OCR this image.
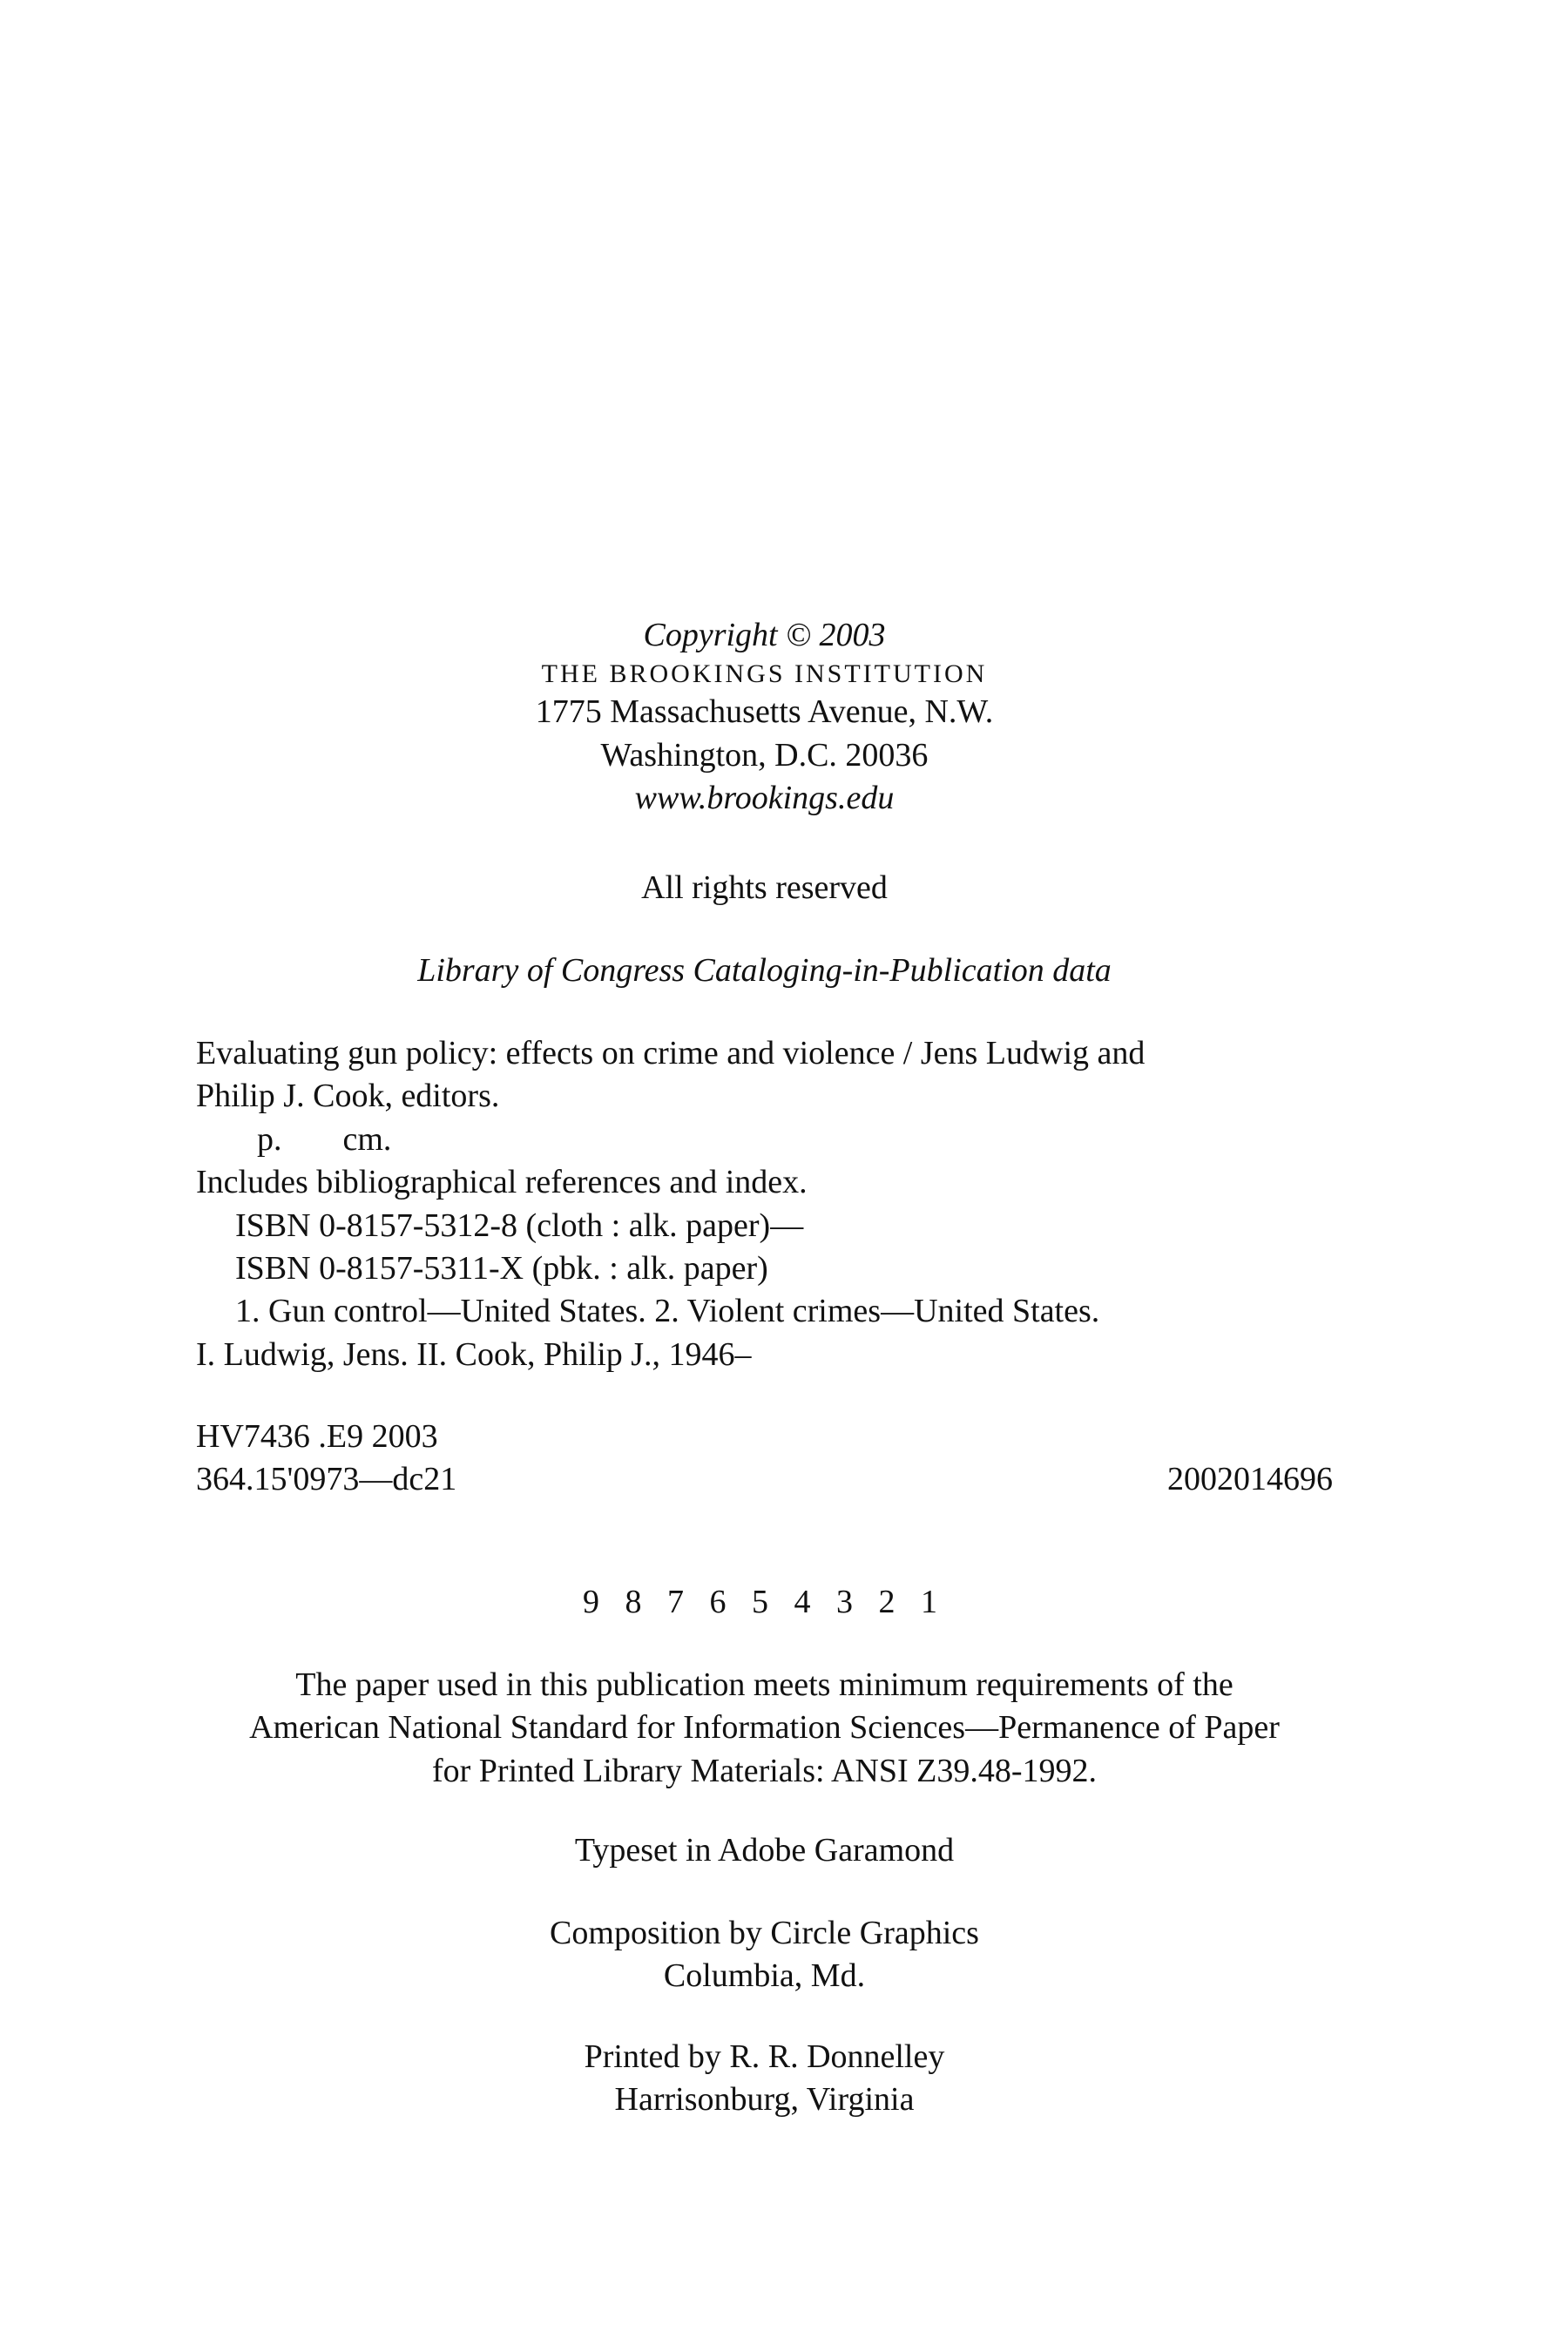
Copyright © 2003
THE BROOKINGS INSTITUTION
1775 Massachusetts Avenue, N.W.
Washington, D.C. 20036
www.brookings.edu
All rights reserved
Library of Congress Cataloging-in-Publication data
Evaluating gun policy: effects on crime and violence / Jens Ludwig and
Philip J. Cook, editors.
p. cm.
Includes bibliographical references and index.
ISBN 0-8157-5312-8 (cloth : alk. paper)—
ISBN 0-8157-5311-X (pbk. : alk. paper)
1. Gun control—United States. 2. Violent crimes—United States.
I. Ludwig, Jens. II. Cook, Philip J., 1946–
HV7436 .E9 2003
364.15'0973—dc21	2002014696
9 8 7 6 5 4 3 2 1
The paper used in this publication meets minimum requirements of the
American National Standard for Information Sciences—Permanence of Paper
for Printed Library Materials: ANSI Z39.48-1992.
Typeset in Adobe Garamond
Composition by Circle Graphics
Columbia, Md.
Printed by R. R. Donnelley
Harrisonburg, Virginia
